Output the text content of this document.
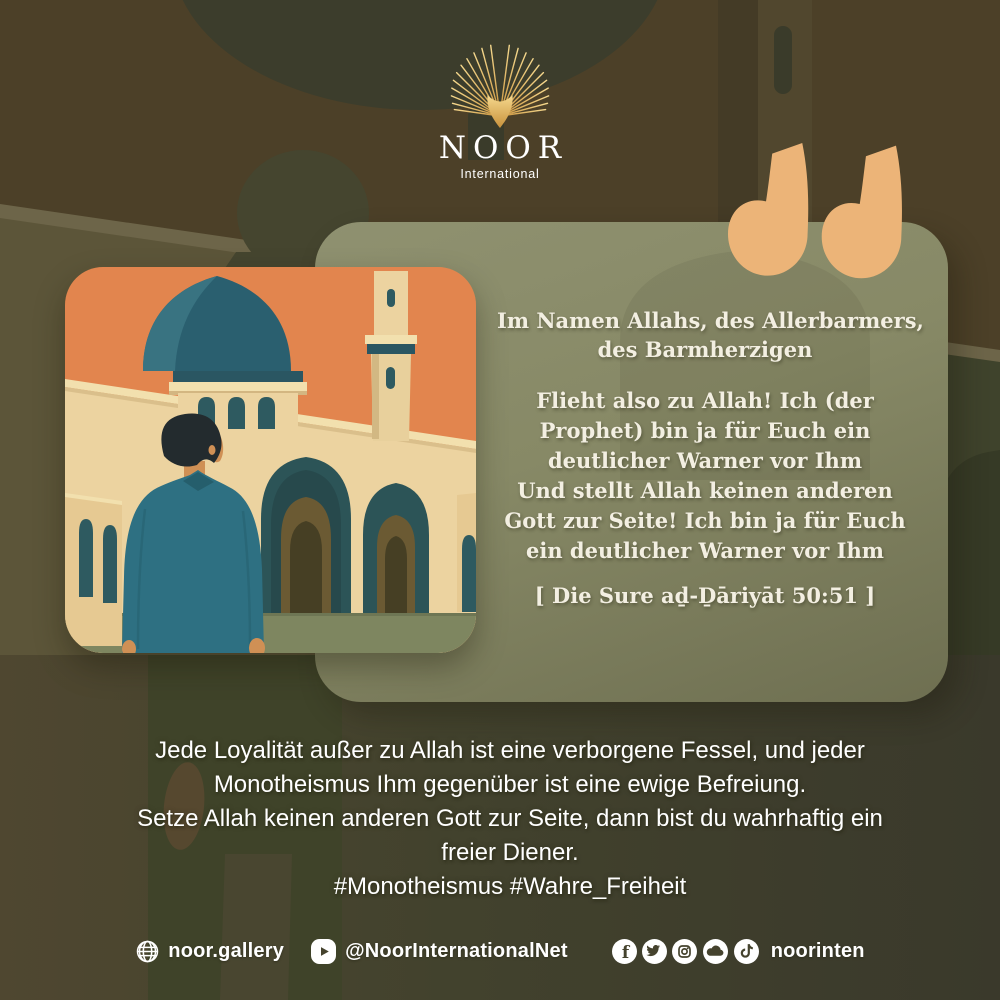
NOOR
International
Im Namen Allahs, des Allerbarmers,
des Barmherzigen
Flieht also zu Allah! Ich (der
Prophet) bin ja für Euch ein
deutlicher Warner vor Ihm
Und stellt Allah keinen anderen
Gott zur Seite! Ich bin ja für Euch
ein deutlicher Warner vor Ihm
[ Die Sure aḏ-Ḏāriyāt 50:51 ]
Jede Loyalität außer zu Allah ist eine verborgene Fessel, und jeder
Monotheismus Ihm gegenüber ist eine ewige Befreiung.
Setze Allah keinen anderen Gott zur Seite, dann bist du wahrhaftig ein
freier Diener.
#Monotheismus #Wahre_Freiheit
noor.gallery	@NoorInternationalNet	f	noorinten
